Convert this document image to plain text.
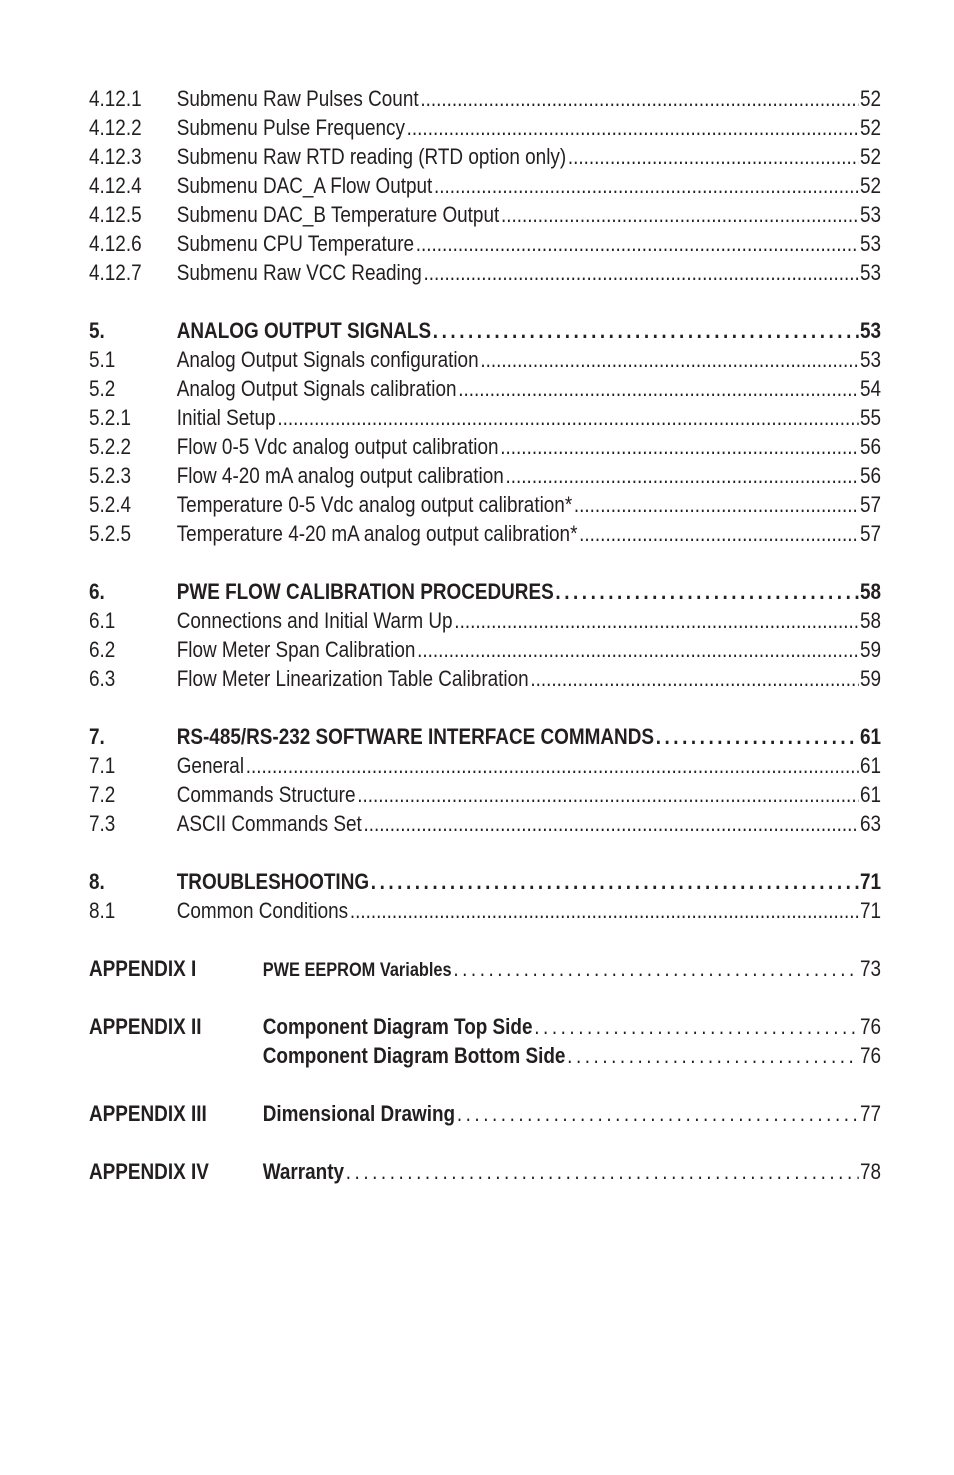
4.12.1	Submenu Raw Pulses Count .....	52
4.12.2	Submenu Pulse Frequency .....	52
4.12.3	Submenu Raw RTD reading (RTD option only) .....	52
4.12.4	Submenu DAC_A Flow Output .....	52
4.12.5	Submenu DAC_B Temperature Output .....	53
4.12.6	Submenu CPU Temperature .....	53
4.12.7	Submenu Raw VCC Reading .....	53
5.	ANALOG OUTPUT SIGNALS . . .	53
5.1	Analog Output Signals configuration .....	53
5.2	Analog Output Signals calibration .....	54
5.2.1	Initial Setup .....	55
5.2.2	Flow 0-5 Vdc analog output calibration .....	56
5.2.3	Flow 4-20 mA analog output calibration .....	56
5.2.4	Temperature 0-5 Vdc analog output calibration* .....	57
5.2.5	Temperature 4-20 mA analog output calibration* .....	57
6.	PWE FLOW CALIBRATION PROCEDURES . . .	58
6.1	Connections and Initial Warm Up .....	58
6.2	Flow Meter Span Calibration .....	59
6.3	Flow Meter Linearization Table Calibration .....	59
7.	RS-485/RS-232 SOFTWARE INTERFACE COMMANDS . . .	61
7.1	General .....	61
7.2	Commands Structure .....	61
7.3	ASCII Commands Set .....	63
8.	TROUBLESHOOTING . . .	71
8.1	Common Conditions .....	71
APPENDIX I	PWE EEPROM Variables . . .	73
APPENDIX II	Component Diagram Top Side . . .	76
Component Diagram Bottom Side . . .	76
APPENDIX III	Dimensional Drawing . . .	77
APPENDIX IV	Warranty . . .	78
